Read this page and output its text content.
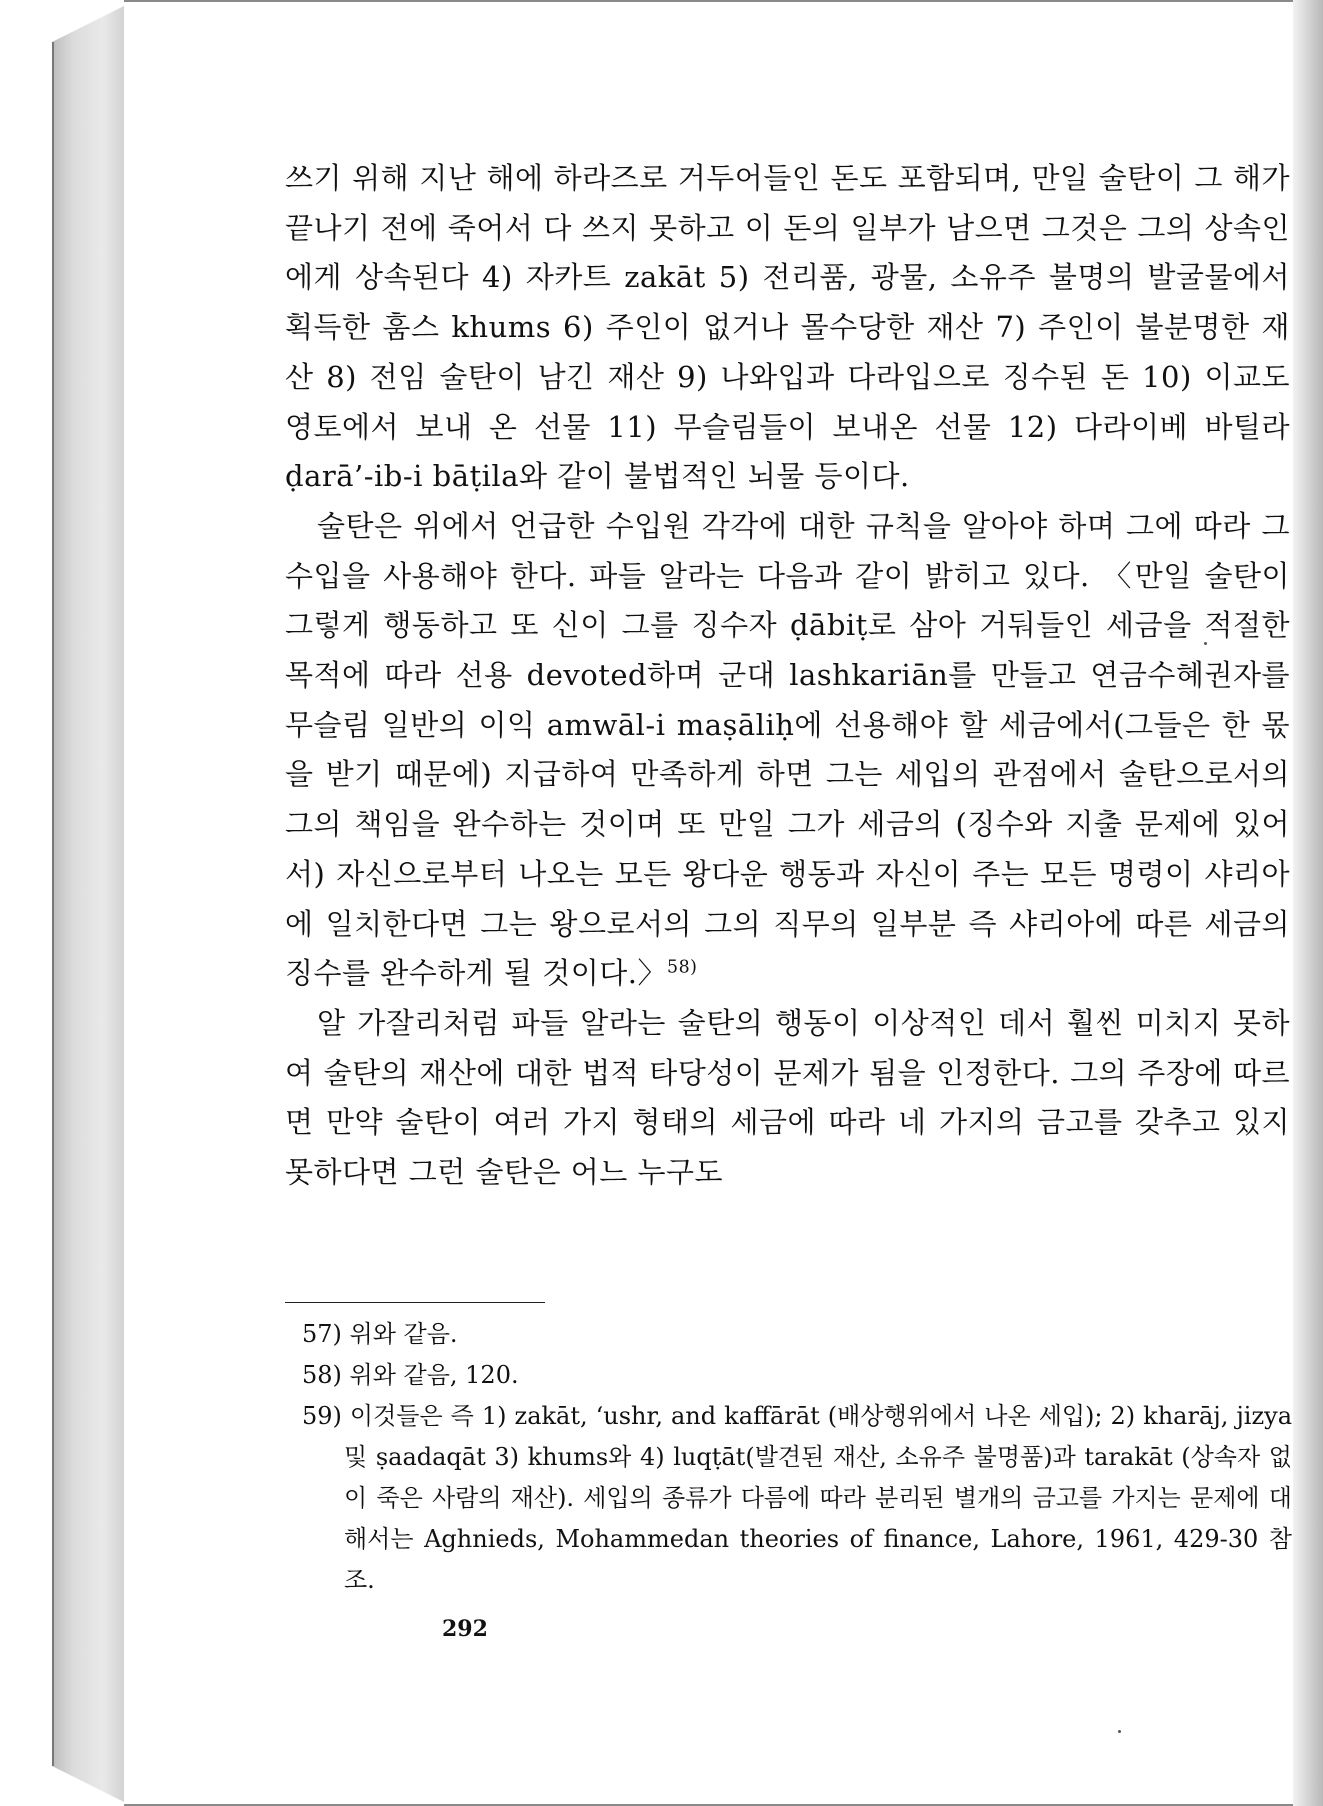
쓰기 위해 지난 해에 하라즈로 거두어들인 돈도 포함되며, 만일 술탄이 그 해가 끝나기 전에 죽어서 다 쓰지 못하고 이 돈의 일부가 남으면 그것은 그의 상속인에게 상속된다 4) 자카트 zakāt 5) 전리품, 광물, 소유주 불명의 발굴물에서 획득한 훔스 khums 6) 주인이 없거나 몰수당한 재산 7) 주인이 불분명한 재산 8) 전임 술탄이 남긴 재산 9) 나와입과 다라입으로 징수된 돈 10) 이교도 영토에서 보내 온 선물 11) 무슬림들이 보내온 선물 12) 다라이베 바틸라 ḍarā’-ib-i bāṭila와 같이 불법적인 뇌물 등이다.

술탄은 위에서 언급한 수입원 각각에 대한 규칙을 알아야 하며 그에 따라 그 수입을 사용해야 한다. 파들 알라는 다음과 같이 밝히고 있다. 〈만일 술탄이 그렇게 행동하고 또 신이 그를 징수자 ḍābiṭ로 삼아 거둬들인 세금을 적절한 목적에 따라 선용 devoted하며 군대 lashkariān를 만들고 연금수혜권자를 무슬림 일반의 이익 amwāl-i maṣāliḥ에 선용해야 할 세금에서(그들은 한 몫을 받기 때문에) 지급하여 만족하게 하면 그는 세입의 관점에서 술탄으로서의 그의 책임을 완수하는 것이며 또 만일 그가 세금의 (징수와 지출 문제에 있어서) 자신으로부터 나오는 모든 왕다운 행동과 자신이 주는 모든 명령이 샤리아에 일치한다면 그는 왕으로서의 그의 직무의 일부분 즉 샤리아에 따른 세금의 징수를 완수하게 될 것이다.〉$^{58)}$

알 가잘리처럼 파들 알라는 술탄의 행동이 이상적인 데서 훨씬 미치지 못하여 술탄의 재산에 대한 법적 타당성이 문제가 됨을 인정한다. 그의 주장에 따르면 만약 술탄이 여러 가지 형태의 세금에 따라 네 가지의 금고를 갖추고 있지 못하다면 그런 술탄은 어느 누구도

57) 위와 같음.

58) 위와 같음, 120.

59) 이것들은 즉 1) zakāt, ‘ushr, and kaffārāt (배상행위에서 나온 세입); 2) kharāj, jizya 및 ṣaadaqāt 3) khums와 4) luqṭāt(발견된 재산, 소유주 불명품)과 tarakāt (상속자 없이 죽은 사람의 재산). 세입의 종류가 다름에 따라 분리된 별개의 금고를 가지는 문제에 대해서는 Aghnieds, Mohammedan theories of finance, Lahore, 1961, 429-30 참조.

292
